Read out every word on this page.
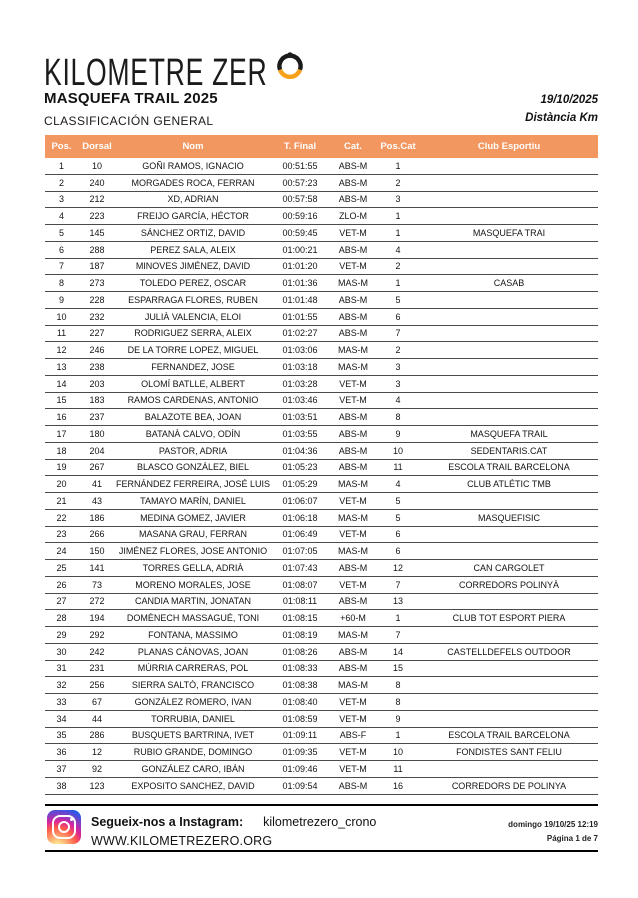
KILOMETRE ZER
MASQUEFA TRAIL 2025
CLASSIFICACIÓN GENERAL
19/10/2025
Distància Km
Pos.	Dorsal	Nom	T. Final	Cat.	Pos.Cat	Club Esportiu
1	10	GOÑI RAMOS, IGNACIO	00:51:55	ABS-M	1
2	240	MORGADES ROCA, FERRAN	00:57:23	ABS-M	2
3	212	XD, ADRIAN	00:57:58	ABS-M	3
4	223	FREIJO GARCÍA, HÉCTOR	00:59:16	ZLO-M	1
5	145	SÁNCHEZ ORTIZ, DAVID	00:59:45	VET-M	1	MASQUEFA TRAI
6	288	PEREZ SALA, ALEIX	01:00:21	ABS-M	4
7	187	MINOVES JIMÉNEZ, DAVID	01:01:20	VET-M	2
8	273	TOLEDO PEREZ, OSCAR	01:01:36	MAS-M	1	CASAB
9	228	ESPARRAGA FLORES, RUBEN	01:01:48	ABS-M	5
10	232	JULIÀ VALENCIA, ELOI	01:01:55	ABS-M	6
11	227	RODRIGUEZ SERRA, ALEIX	01:02:27	ABS-M	7
12	246	DE LA TORRE LOPEZ, MIGUEL	01:03:06	MAS-M	2
13	238	FERNANDEZ, JOSE	01:03:18	MAS-M	3
14	203	OLOMÍ BATLLE, ALBERT	01:03:28	VET-M	3
15	183	RAMOS CARDENAS, ANTONIO	01:03:46	VET-M	4
16	237	BALAZOTE BEA, JOAN	01:03:51	ABS-M	8
17	180	BATANÀ CALVO, ODÍN	01:03:55	ABS-M	9	MASQUEFA TRAIL
18	204	PASTOR, ADRIA	01:04:36	ABS-M	10	SEDENTARIS.CAT
19	267	BLASCO GONZÁLEZ, BIEL	01:05:23	ABS-M	11	ESCOLA TRAIL BARCELONA
20	41	FERNÁNDEZ FERREIRA, JOSÉ LUIS	01:05:29	MAS-M	4	CLUB ATLÉTIC TMB
21	43	TAMAYO MARÍN, DANIEL	01:06:07	VET-M	5
22	186	MEDINA GOMEZ, JAVIER	01:06:18	MAS-M	5	MASQUEFISIC
23	266	MASANA GRAU, FERRAN	01:06:49	VET-M	6
24	150	JIMÉNEZ FLORES, JOSE ANTONIO	01:07:05	MAS-M	6
25	141	TORRES GELLA, ADRIÀ	01:07:43	ABS-M	12	CAN CARGOLET
26	73	MORENO MORALES, JOSE	01:08:07	VET-M	7	CORREDORS POLINYÀ
27	272	CANDIA MARTIN, JONATAN	01:08:11	ABS-M	13
28	194	DOMÈNECH MASSAGUÉ, TONI	01:08:15	+60-M	1	CLUB TOT ESPORT PIERA
29	292	FONTANA, MASSIMO	01:08:19	MAS-M	7
30	242	PLANAS CÁNOVAS, JOAN	01:08:26	ABS-M	14	CASTELLDEFELS OUTDOOR
31	231	MÚRRIA CARRERAS, POL	01:08:33	ABS-M	15
32	256	SIERRA SALTÓ, FRANCISCO	01:08:38	MAS-M	8
33	67	GONZÁLEZ ROMERO, IVAN	01:08:40	VET-M	8
34	44	TORRUBIA, DANIEL	01:08:59	VET-M	9
35	286	BUSQUETS BARTRINA, IVET	01:09:11	ABS-F	1	ESCOLA TRAIL BARCELONA
36	12	RUBIO GRANDE, DOMINGO	01:09:35	VET-M	10	FONDISTES SANT FELIU
37	92	GONZÁLEZ CARO, IBÁN	01:09:46	VET-M	11
38	123	EXPOSITO SANCHEZ, DAVID	01:09:54	ABS-M	16	CORREDORS DE POLINYA
Segueix-nos a Instagram: kilometrezero_crono
WWW.KILOMETREZERO.ORG
domingo 19/10/25 12:19
Página 1 de 7
